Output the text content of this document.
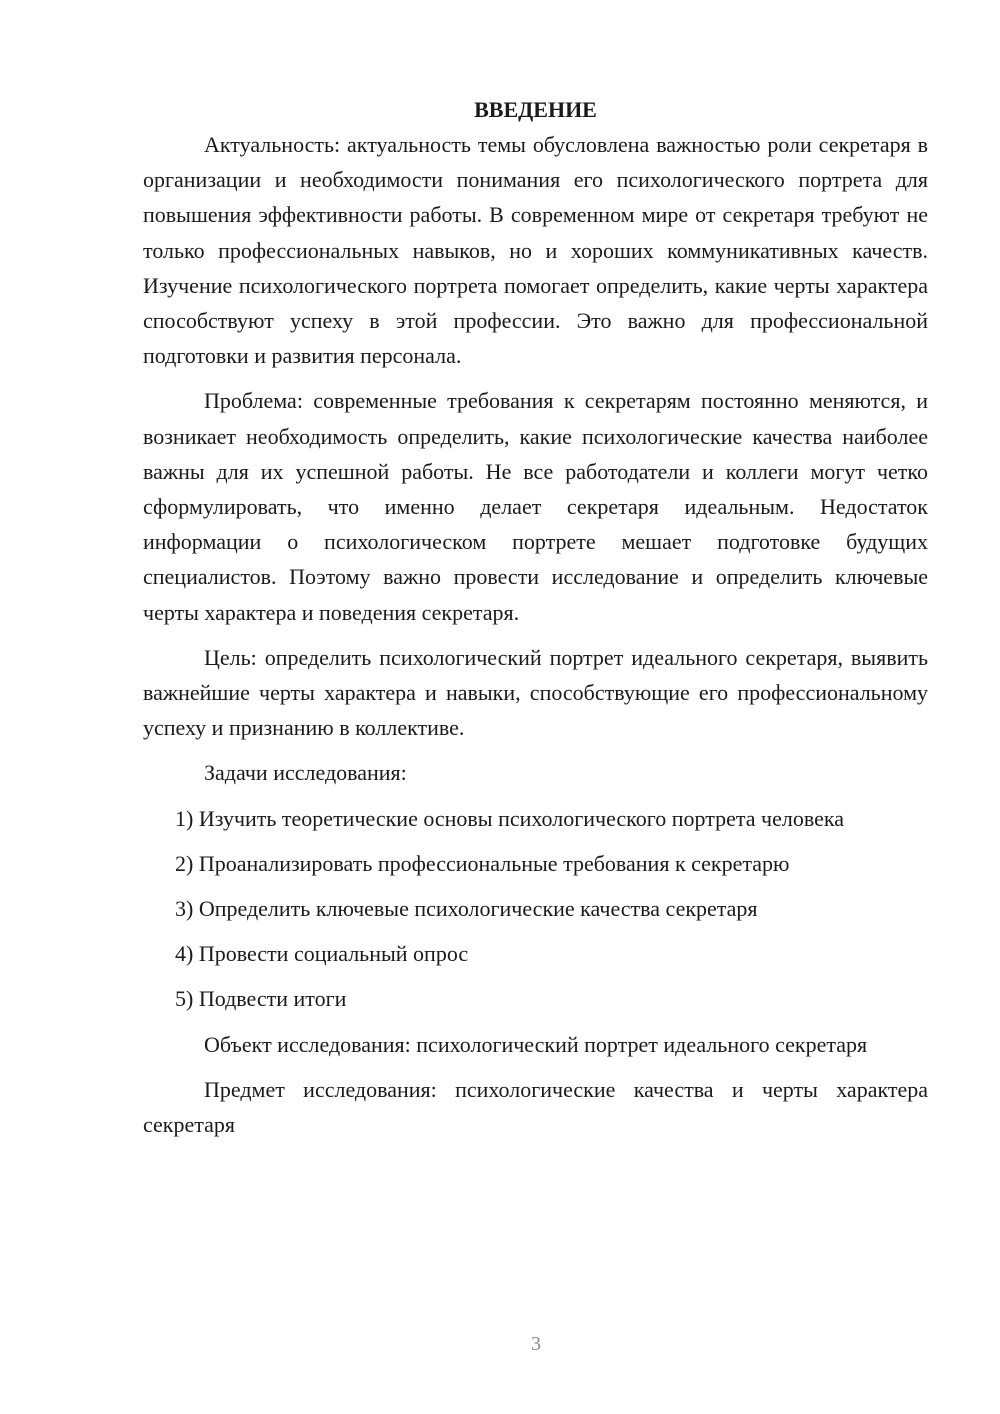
ВВЕДЕНИЕ

Актуальность: актуальность темы обусловлена важностью роли секретаря в организации и необходимости понимания его психологического портрета для повышения эффективности работы. В современном мире от секретаря требуют не только профессиональных навыков, но и хороших коммуникативных качеств. Изучение психологического портрета помогает определить, какие черты характера способствуют успеху в этой профессии. Это важно для профессиональной подготовки и развития персонала.

Проблема: современные требования к секретарям постоянно меняются, и возникает необходимость определить, какие психологические качества наиболее важны для их успешной работы. Не все работодатели и коллеги могут четко сформулировать, что именно делает секретаря идеальным. Недостаток информации о психологическом портрете мешает подготовке будущих специалистов. Поэтому важно провести исследование и определить ключевые черты характера и поведения секретаря.

Цель: определить психологический портрет идеального секретаря, выявить важнейшие черты характера и навыки, способствующие его профессиональному успеху и признанию в коллективе.

Задачи исследования:

1) Изучить теоретические основы психологического портрета человека

2) Проанализировать профессиональные требования к секретарю

3) Определить ключевые психологические качества секретаря

4) Провести социальный опрос

5) Подвести итоги

Объект исследования: психологический портрет идеального секретаря

Предмет исследования: психологические качества и черты характера секретаря

3
